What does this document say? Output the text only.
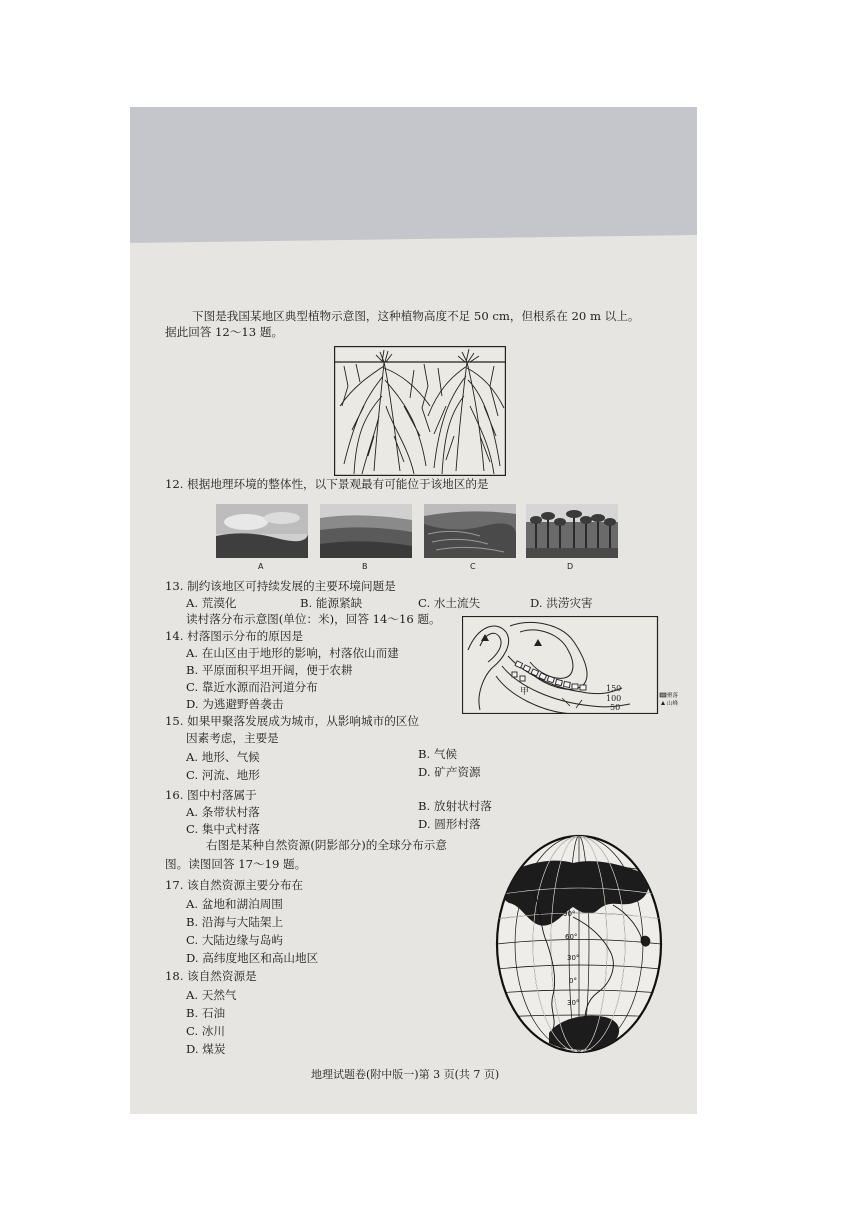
下图是我国某地区典型植物示意图，这种植物高度不足 50 cm，但根系在 20 m 以上。
据此回答 12～13 题。
12. 根据地理环境的整体性，以下景观最有可能位于该地区的是
A	B	C	D
13. 制约该地区可持续发展的主要环境问题是
A. 荒漠化	B. 能源紧缺	C. 水土流失	D. 洪涝灾害
读村落分布示意图(单位：米)，回答 14～16 题。
甲	150
100
50
聚落
山峰
14. 村落图示分布的原因是
A. 在山区由于地形的影响，村落依山而建
B. 平原面积平坦开阔，便于农耕
C. 靠近水源而沿河道分布
D. 为逃避野兽袭击
15. 如果甲聚落发展成为城市，从影响城市的区位
因素考虑，主要是
A. 地形、气候	B. 气候
C. 河流、地形	D. 矿产资源
16. 图中村落属于
A. 条带状村落	B. 放射状村落
C. 集中式村落	D. 圆形村落
右图是某种自然资源(阴影部分)的全球分布示意
图。读图回答 17～19 题。
17. 该自然资源主要分布在
A. 盆地和湖泊周围
B. 沿海与大陆架上
C. 大陆边缘与岛屿
D. 高纬度地区和高山地区
18. 该自然资源是
A. 天然气
B. 石油
C. 冰川
D. 煤炭
90°
60°
30°
0°
30°
地理试题卷(附中版一)第 3 页(共 7 页)
